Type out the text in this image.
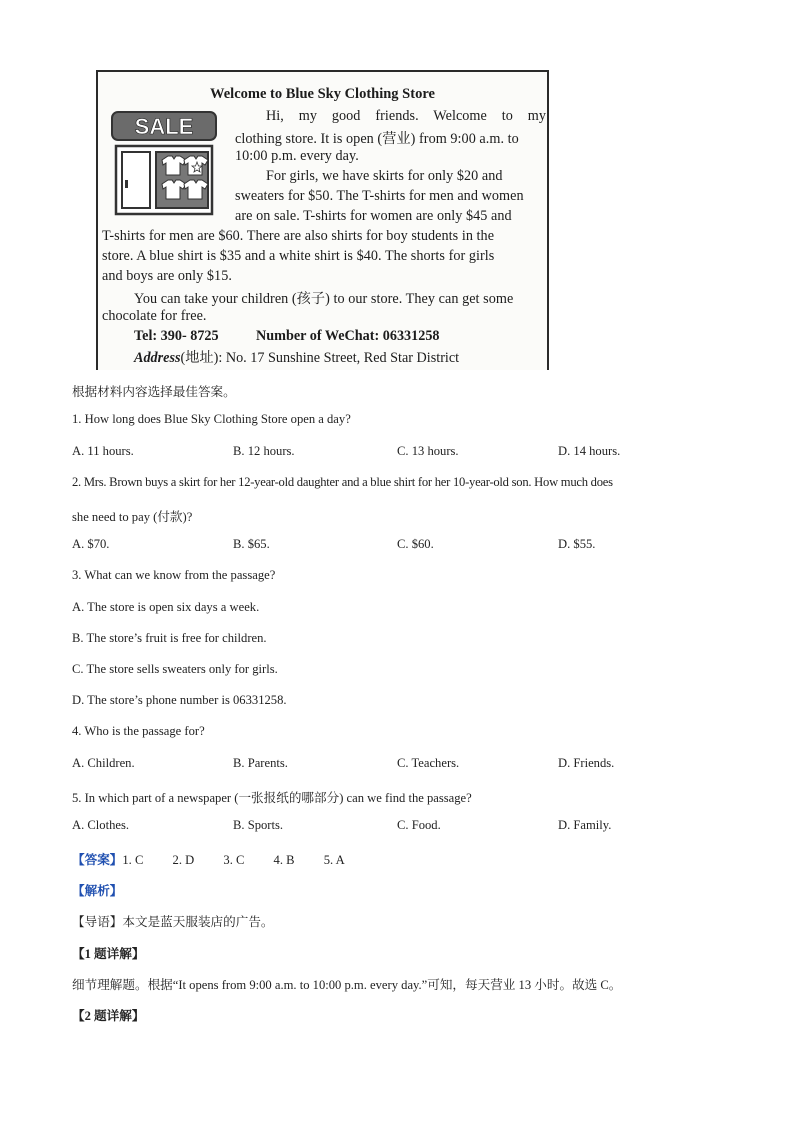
Welcome to Blue Sky Clothing Store
SALE	Hi, my good friends. Welcome to my
clothing store. It is open (营业) from 9:00 a.m. to
10:00 p.m. every day.
For girls, we have skirts for only $20 and
sweaters for $50. The T-shirts for men and women
are on sale. T-shirts for women are only $45 and
T-shirts for men are $60. There are also shirts for boy students in the
store. A blue shirt is $35 and a white shirt is $40. The shorts for girls
and boys are only $15.
You can take your children (孩子) to our store. They can get some
chocolate for free.
Tel: 390- 8725	Number of WeChat: 06331258
Address(地址): No. 17 Sunshine Street, Red Star District
根据材料内容选择最佳答案。
1. How long does Blue Sky Clothing Store open a day?
A. 11 hours.	B. 12 hours.	C. 13 hours.	D. 14 hours.
2. Mrs. Brown buys a skirt for her 12-year-old daughter and a blue shirt for her 10-year-old son. How much does
she need to pay (付款)?
A. $70.	B. $65.	C. $60.	D. $55.
3. What can we know from the passage?
A. The store is open six days a week.
B. The store’s fruit is free for children.
C. The store sells sweaters only for girls.
D. The store’s phone number is 06331258.
4. Who is the passage for?
A. Children.	B. Parents.	C. Teachers.	D. Friends.
5. In which part of a newspaper (一张报纸的哪部分) can we find the passage?
A. Clothes.	B. Sports.	C. Food.	D. Family.
【答案】1. C 2. D 3. C 4. B 5. A
【解析】
【导语】本文是蓝天服装店的广告。
【1 题详解】
细节理解题。根据“It opens from 9:00 a.m. to 10:00 p.m. every day.”可知，每天营业 13 小时。故选 C。
【2 题详解】
